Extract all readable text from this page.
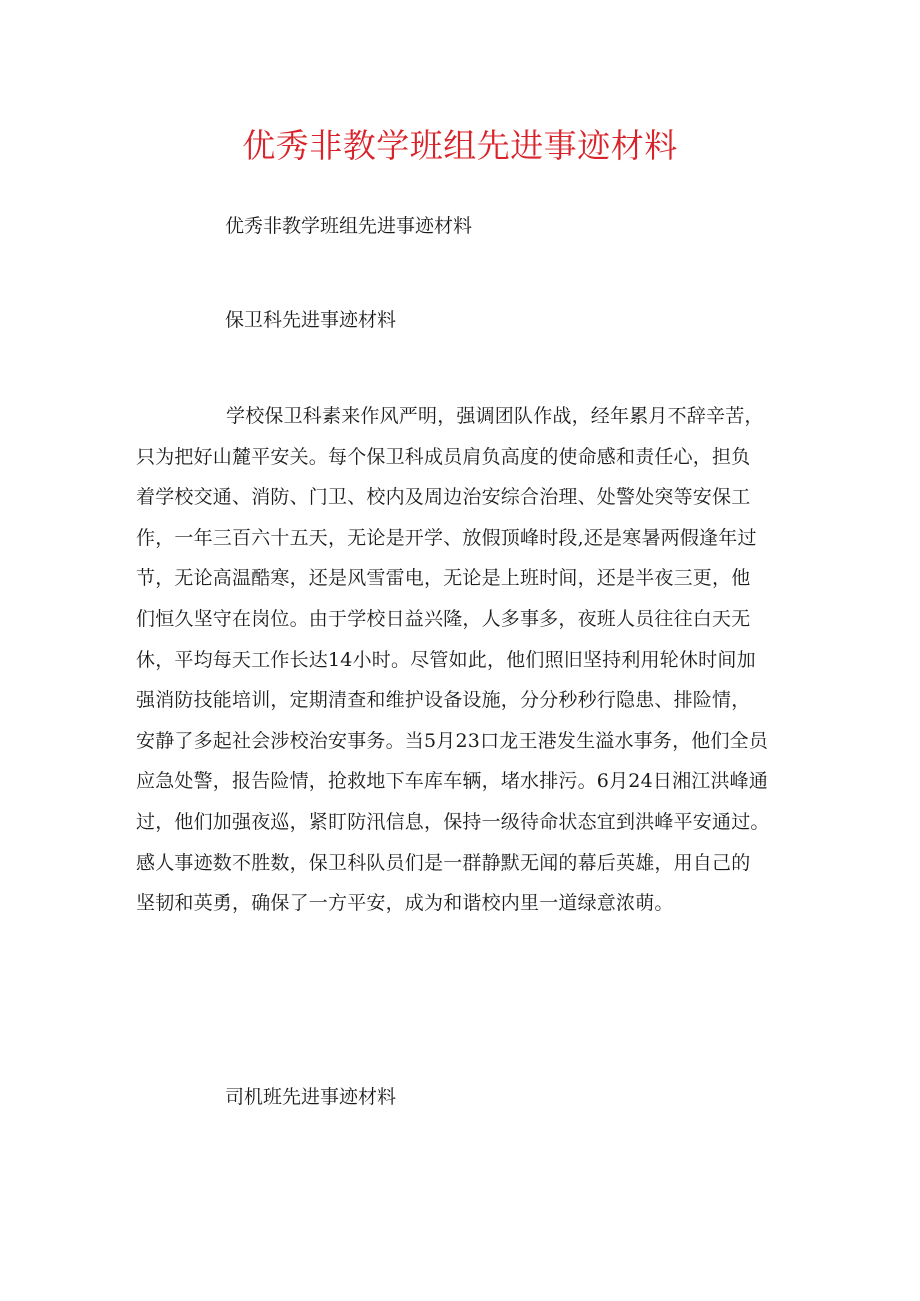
优秀非教学班组先进事迹材料

优秀非教学班组先进事迹材料

保卫科先进事迹材料

学校保卫科素来作风严明，强调团队作战，经年累月不辞辛苦，
只为把好山麓平安关。每个保卫科成员肩负高度的使命感和责任心，担负
着学校交通、消防、门卫、校内及周边治安综合治理、处警处突等安保工
作，一年三百六十五天，无论是开学、放假顶峰时段,还是寒暑两假逢年过
节，无论高温酷寒，还是风雪雷电，无论是上班时间，还是半夜三更，他
们恒久坚守在岗位。由于学校日益兴隆，人多事多，夜班人员往往白天无
休，平均每天工作长达14小时。尽管如此，他们照旧坚持利用轮休时间加
强消防技能培训，定期清查和维护设备设施，分分秒秒行隐患、排险情，
安静了多起社会涉校治安事务。当5月23口龙王港发生溢水事务，他们全员
应急处警，报告险情，抢救地下车库车辆，堵水排污。6月24日湘江洪峰通
过，他们加强夜巡，紧盯防汛信息，保持一级待命状态宜到洪峰平安通过。
感人事迹数不胜数，保卫科队员们是一群静默无闻的幕后英雄，用自己的
坚韧和英勇，确保了一方平安，成为和谐校内里一道绿意浓萌。

司机班先进事迹材料
